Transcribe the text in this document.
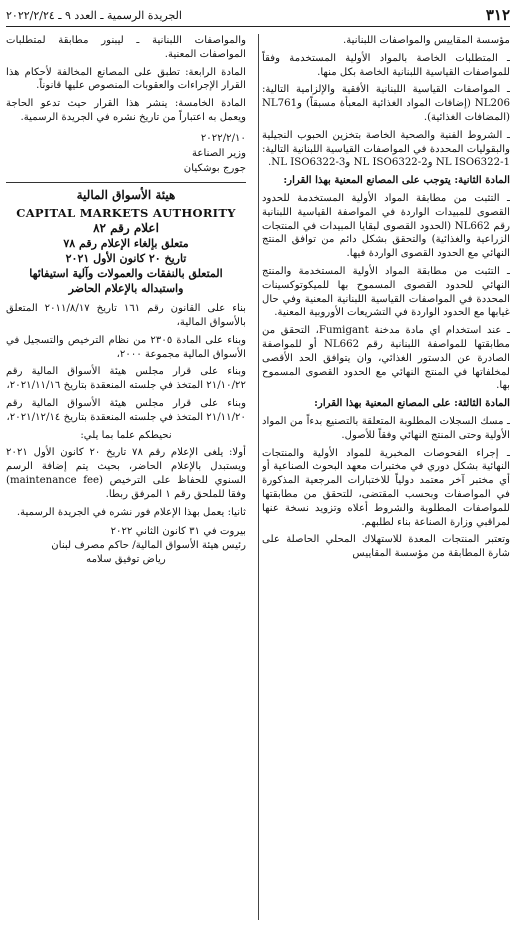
٣١٢
الجريدة الرسمية ـ العدد ٩ ـ ٢٠٢٢/٢/٢٤

مؤسسة المقاييس والمواصفات اللبنانية.

ـ المتطلبات الخاصة بالمواد الأولية المستخدمة وفقاً للمواصفات القياسية اللبنانية الخاصة بكل منها.

ـ المواصفات القياسية اللبنانية الأفقية والإلزامية التالية: NL206 (إضافات المواد الغذائية المعبأة مسبقاً) وNL761 (المضافات الغذائية).

ـ الشروط الفنية والصحية الخاصة بتخزين الحبوب النجيلية والبقوليات المحددة في المواصفات القياسية اللبنانية التالية: NL ISO6322-1 وNL ISO6322-2 وNL ISO6322-3.

المادة الثانية: يتوجب على المصانع المعنية بهذا القرار:

ـ التثبت من مطابقة المواد الأولية المستخدمة للحدود القصوى للمبيدات الواردة في المواصفة القياسية اللبنانية رقم NL662 (الحدود القصوى لبقايا المبيدات في المنتجات الزراعية والغذائية) والتحقق بشكل دائم من توافق المنتج النهائي مع الحدود القصوى الواردة فيها.

ـ التثبت من مطابقة المواد الأولية المستخدمة والمنتج النهائي للحدود القصوى المسموح بها للميكوتوكسينات المحددة في المواصفات القياسية اللبنانية المعنية وفي حال غيابها مع الحدود الواردة في التشريعات الأوروبية المعنية.

ـ عند استخدام اي مادة مدخنة Fumigant، التحقق من مطابقتها للمواصفة اللبنانية رقم NL662 أو للمواصفة الصادرة عن الدستور الغذائي، وان يتوافق الحد الأقصى لمخلفاتها في المنتج النهائي مع الحدود القصوى المسموح بها.

المادة الثالثة: على المصانع المعنية بهذا القرار:

ـ مسك السجلات المطلوبة المتعلقة بالتصنيع بدءاً من المواد الأولية وحتى المنتج النهائي وفقاً للأصول.

ـ إجراء الفحوصات المخبرية للمواد الأولية والمنتجات النهائية بشكل دوري في مختبرات معهد البحوث الصناعية أو أي مختبر آخر معتمد دولياً للاختبارات المرجعية المذكورة في المواصفات وبحسب المقتضى، للتحقق من مطابقتها للمواصفات المطلوبة والشروط أعلاه وتزويد نسخة عنها لمراقبي وزارة الصناعة بناء لطلبهم.

وتعتبر المنتجات المعدة للاستهلاك المحلي الحاصلة على شارة المطابقة من مؤسسة المقاييس

والمواصفات اللبنانية ـ ليبنور مطابقة لمتطلبات المواصفات المعنية.

المادة الرابعة: تطبق على المصانع المخالفة لأحكام هذا القرار الإجراءات والعقوبات المنصوص عليها قانوناً.

المادة الخامسة: ينشر هذا القرار حيث تدعو الحاجة ويعمل به اعتباراً من تاريخ نشره في الجريدة الرسمية.

٢٠٢٢/٢/١٠
وزير الصناعة
جورج بوشكيان
هيئة الأسواق المالية
CAPITAL MARKETS AUTHORITY
اعلام رقم ٨٢
متعلق بإلغاء الإعلام رقم ٧٨
تاريخ ٢٠ كانون الأول ٢٠٢١
المتعلق بالنفقات والعمولات وآلية استيفائها
واستبداله بالإعلام الحاضر

بناء على القانون رقم ١٦١ تاريخ ٢٠١١/٨/١٧ المتعلق بالأسواق المالية،

وبناء على المادة ٢٣٠٥ من نظام الترخيص والتسجيل في الأسواق المالية مجموعة ٢٠٠٠،

وبناء على قرار مجلس هيئة الأسواق المالية رقم ٢١/١٠/٢٢ المتخذ في جلسته المنعقدة بتاريخ ٢٠٢١/١١/١٦،

وبناء على قرار مجلس هيئة الأسواق المالية رقم ٢١/١١/٢٠ المتخذ في جلسته المنعقدة بتاريخ ٢٠٢١/١٢/١٤،

نحيطكم علما بما يلي:

أولا: يلغى الإعلام رقم ٧٨ تاريخ ٢٠ كانون الأول ٢٠٢١ ويستبدل بالإعلام الحاضر، بحيث يتم إضافة الرسم السنوي للحفاظ على الترخيص (maintenance fee) وفقا للملحق رقم ١ المرفق ربطا.

ثانيا: يعمل بهذا الإعلام فور نشره في الجريدة الرسمية.

بيروت في ٣١ كانون الثاني ٢٠٢٢
رئيس هيئة الأسواق المالية/ حاكم مصرف لبنان
رياض توفيق سلامه
